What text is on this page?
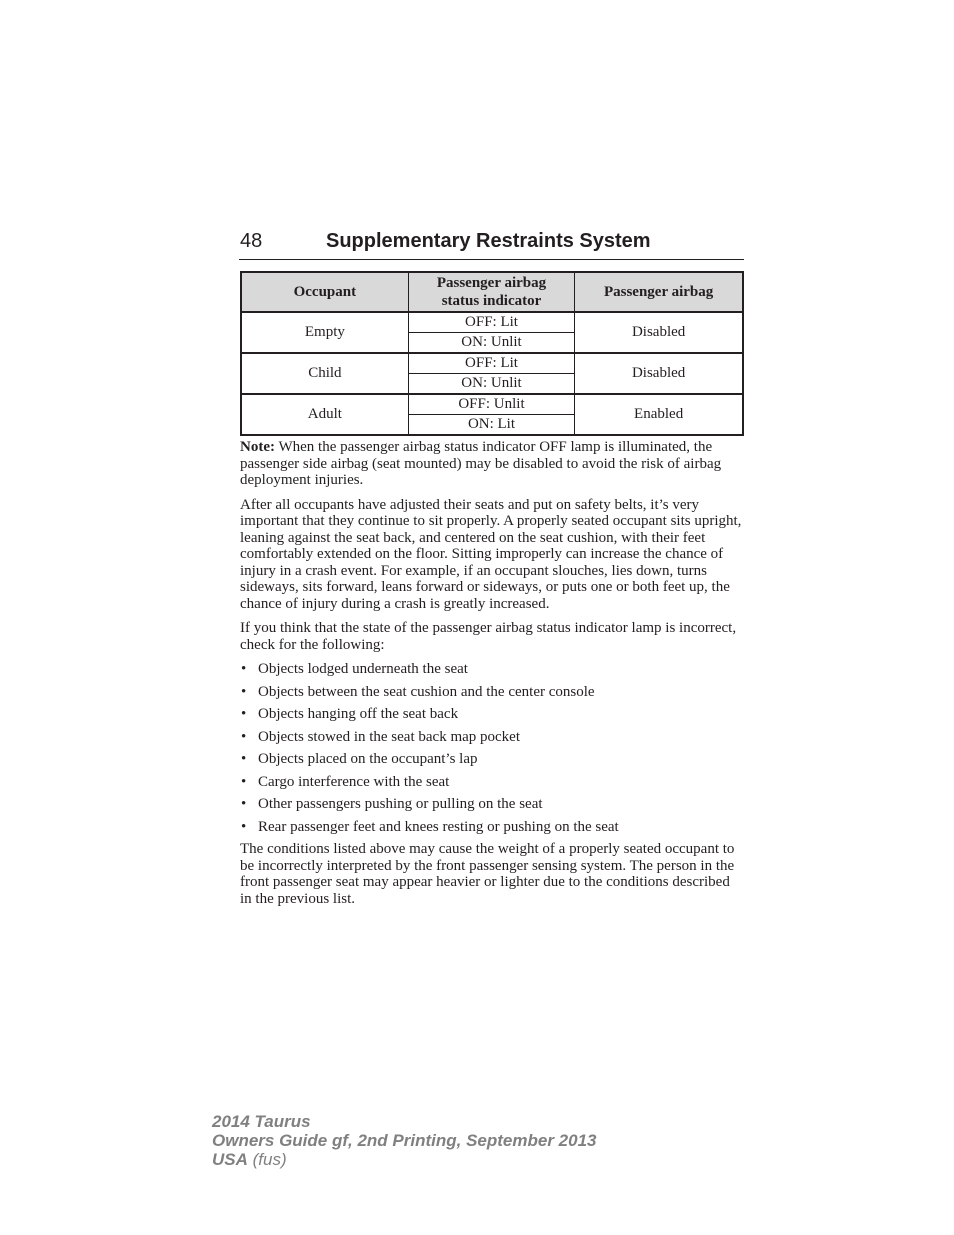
48	Supplementary Restraints System
Occupant	Passenger airbag status indicator	Passenger airbag
Empty	OFF: Lit	Disabled
	ON: Unlit	
Child	OFF: Lit	Disabled
	ON: Unlit	
Adult	OFF: Unlit	Enabled
	ON: Lit	

Note: When the passenger airbag status indicator OFF lamp is illuminated, the passenger side airbag (seat mounted) may be disabled to avoid the risk of airbag deployment injuries.

After all occupants have adjusted their seats and put on safety belts, it’s very important that they continue to sit properly. A properly seated occupant sits upright, leaning against the seat back, and centered on the seat cushion, with their feet comfortably extended on the floor. Sitting improperly can increase the chance of injury in a crash event. For example, if an occupant slouches, lies down, turns sideways, sits forward, leans forward or sideways, or puts one or both feet up, the chance of injury during a crash is greatly increased.

If you think that the state of the passenger airbag status indicator lamp is incorrect, check for the following:

• Objects lodged underneath the seat
• Objects between the seat cushion and the center console
• Objects hanging off the seat back
• Objects stowed in the seat back map pocket
• Objects placed on the occupant’s lap
• Cargo interference with the seat
• Other passengers pushing or pulling on the seat
• Rear passenger feet and knees resting or pushing on the seat

The conditions listed above may cause the weight of a properly seated occupant to be incorrectly interpreted by the front passenger sensing system. The person in the front passenger seat may appear heavier or lighter due to the conditions described in the previous list.

2014 Taurus
Owners Guide gf, 2nd Printing, September 2013
USA (fus)
